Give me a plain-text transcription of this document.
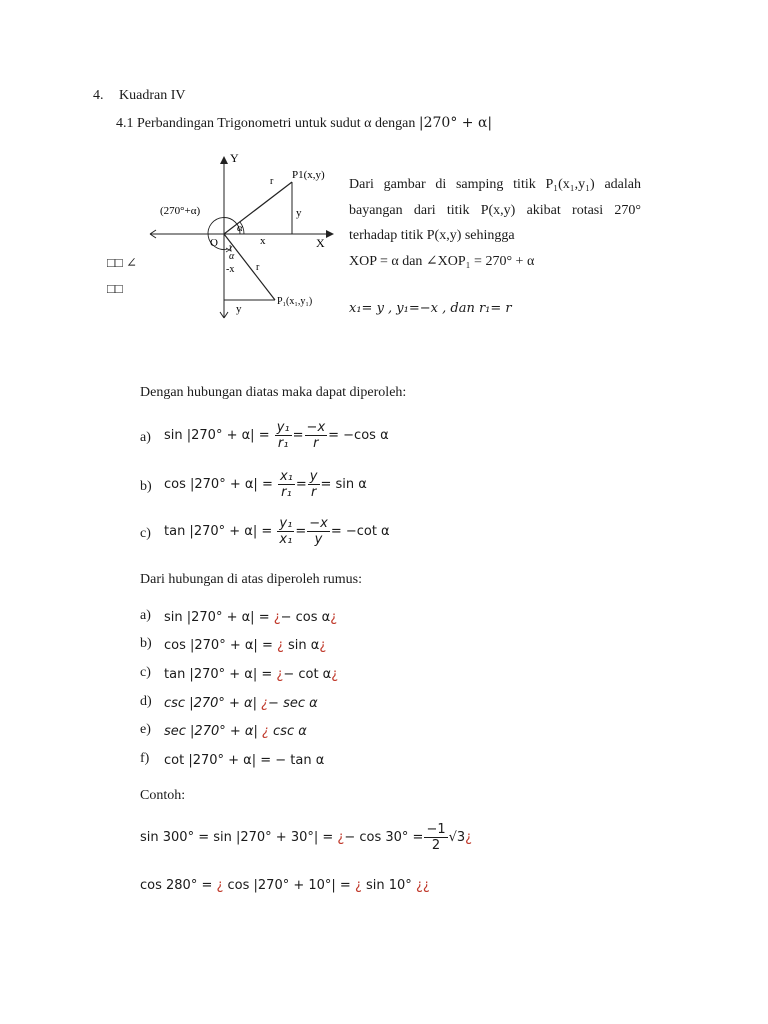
4. Kuadran IV
4.1 Perbandingan Trigonometri untuk sudut α dengan |270° + α|
Y
X
O
P1(x,y)
P₁(x₁,y₁)
(270°+α)
α
α
r
r
x
y
y
-x
□□ ∠
□□
Dari gambar di samping titik P₁(x₁,y₁) adalah
bayangan dari titik P(x,y) akibat rotasi 270°
terhadap titik P(x,y) sehingga
XOP = α dan ∠XOP₁ = 270° + α
x₁= y , y₁=−x , dan r₁= r
Dengan hubungan diatas maka dapat diperoleh:
a) $\sin |270^\circ + \alpha| = \frac{\text{y₁}}{\text{r₁}} = \frac{-x}{r} = -\cos$ α
b) $\cos |270^\circ + \alpha| = \frac{\text{x₁}}{\text{r₁}} = \frac{y}{r} = \sin \alpha$
c) $\tan |270^\circ + \alpha| = \frac{\text{y₁}}{\text{x₁}} = \frac{-x}{y} = -\cot$ α
Dari hubungan di atas diperoleh rumus:
a) sin |270° + α| = ¿− cos α¿
b) cos |270° + α| = ¿ sin α¿
c) tan |270° + α| = ¿− cot α¿
d) csc |270° + α| ¿− sec α
e) sec |270° + α| ¿ csc α
f) cot |270° + α| = − tan α
Contoh:
sin 300° = sin |270° + 30°| = ¿− $\cos 30^\circ = \frac{-1}{2}$ √3¿
cos 280° = ¿ cos |270° + 10°| = ¿ sin 10° ¿¿
